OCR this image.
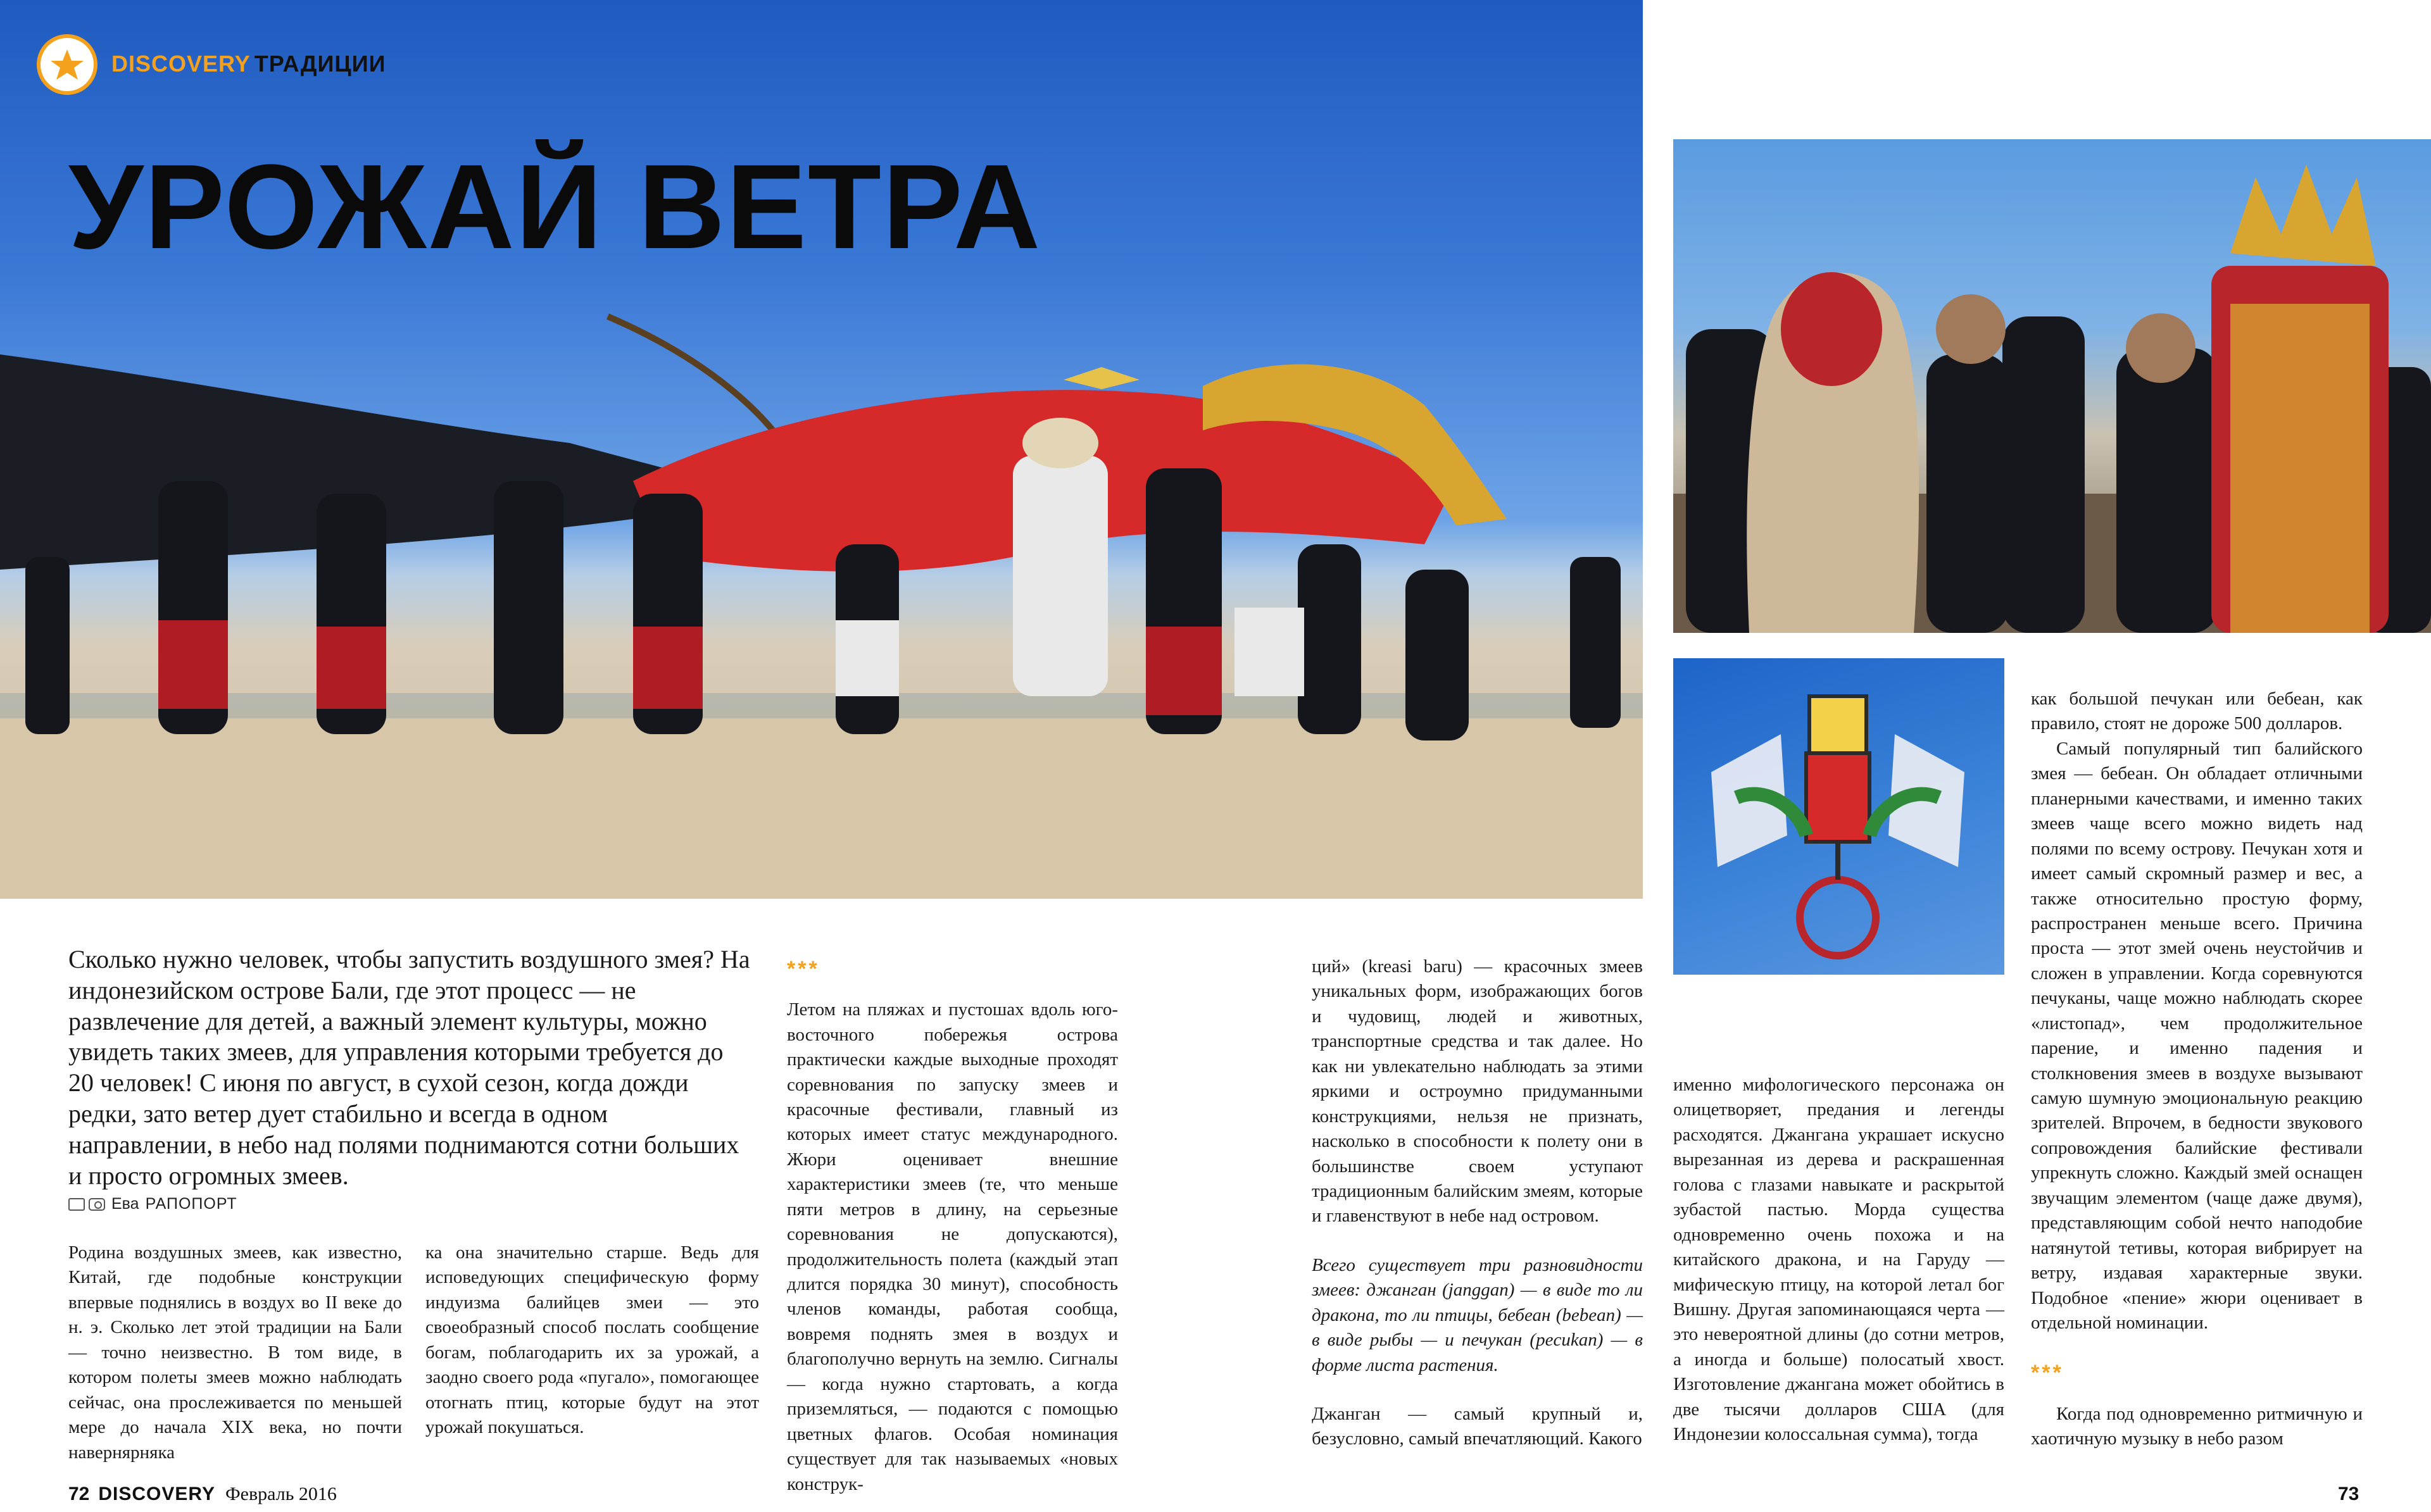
DISCOVERY ТРАДИЦИИ
УРОЖАЙ ВЕТРА
Сколько нужно человек, чтобы запустить воздушного змея? На индонезийском острове Бали, где этот процесс — не развлечение для детей, а важный элемент культуры, можно увидеть таких змеев, для управления которыми требуется до 20 человек! С июня по август, в сухой сезон, когда дожди редки, зато ветер дует стабильно и всегда в одном направлении, в небо над полями поднимаются сотни больших и просто огромных змеев.
Ева РАПОПОРТ

Родина воздушных змеев, как известно, Китай, где подобные конструкции впервые поднялись в воздух во II веке до н. э. Сколько лет этой традиции на Бали — точно неизвестно. В том виде, в котором полеты змеев можно наблюдать сейчас, она прослеживается по меньшей мере до начала XIX века, но почти навернярняка

ка она значительно старше. Ведь для исповедующих специфическую форму индуизма балийцев змеи — это своеобразный способ послать сообщение богам, поблагодарить их за урожай, а заодно своего рода «пугало», помогающее отогнать птиц, которые будут на этот урожай покушаться.

***

Летом на пляжах и пустошах вдоль юго-восточного побережья острова практически каждые выходные проходят соревнования по запуску змеев и красочные фестивали, главный из которых имеет статус международного. Жюри оценивает внешние характеристики змеев (те, что меньше пяти метров в длину, на серьезные соревнования не допускаются), продолжительность полета (каждый этап длится порядка 30 минут), способность членов команды, работая сообща, вовремя поднять змея в воздух и благополучно вернуть на землю. Сигналы — когда нужно стартовать, а когда приземляться, — подаются с помощью цветных флагов. Особая номинация существует для так называемых «новых конструк-

ций» (kreasi baru) — красочных змеев уникальных форм, изображающих богов и чудовищ, людей и животных, транспортные средства и так далее. Но как ни увлекательно наблюдать за этими яркими и остроумно придуманными конструкциями, нельзя не признать, насколько в способности к полету они в большинстве своем уступают традиционным балийским змеям, которые и главенствуют в небе над островом.

Всего существует три разновидности змеев: джанган (janggan) — в виде то ли дракона, то ли птицы, бебеан (bebean) — в виде рыбы — и печукан (pecukan) — в форме листа растения.

Джанган — самый крупный и, безусловно, самый впечатляющий. Какого

именно мифологического персонажа он олицетворяет, предания и легенды расходятся. Джангана украшает искусно вырезанная из дерева и раскрашенная голова с глазами навыкате и раскрытой зубастой пастью. Морда существа одновременно очень похожа и на китайского дракона, и на Гаруду — мифическую птицу, на которой летал бог Вишну. Другая запоминающаяся черта — это невероятной длины (до сотни метров, а иногда и больше) полосатый хвост. Изготовление джангана может обойтись в две тысячи долларов США (для Индонезии колоссальная сумма), тогда

как большой печукан или бебеан, как правило, стоят не дороже 500 долларов.

Самый популярный тип балийского змея — бебеан. Он обладает отличными планерными качествами, и именно таких змеев чаще всего можно видеть над полями по всему острову. Печукан хотя и имеет самый скромный размер и вес, а также относительно простую форму, распространен меньше всего. Причина проста — этот змей очень неустойчив и сложен в управлении. Когда соревнуются печуканы, чаще можно наблюдать скорее «листопад», чем продолжительное парение, и именно падения и столкновения змеев в воздухе вызывают самую шумную эмоциональную реакцию зрителей. Впрочем, в бедности звукового сопровождения балийские фестивали упрекнуть сложно. Каждый змей оснащен звучащим элементом (чаще даже двумя), представляющим собой нечто наподобие натянутой тетивы, которая вибрирует на ветру, издавая характерные звуки. Подобное «пение» жюри оценивает в отдельной номинации.

***

Когда под одновременно ритмичную и хаотичную музыку в небо разом

72 DISCOVERY Февраль 2016	73
